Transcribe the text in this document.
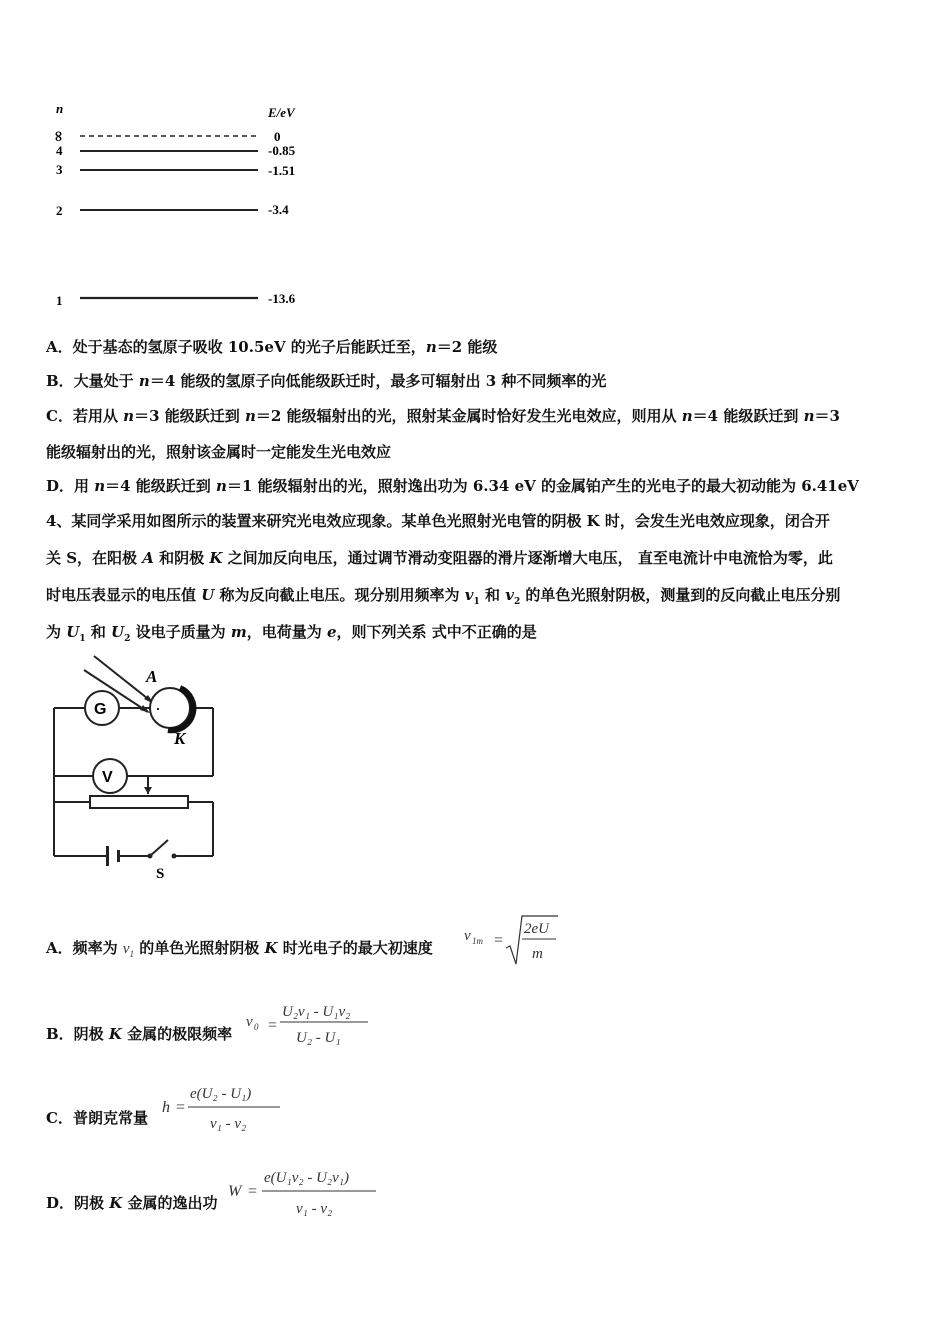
n	E/eV
∞	0
4	-0.85
3	-1.51
2	-3.4
1	-13.6
A．处于基态的氢原子吸收 10.5eV 的光子后能跃迁至，n＝2 能级
B．大量处于 n＝4 能级的氢原子向低能级跃迁时，最多可辐射出 3 种不同频率的光
C．若用从 n＝3 能级跃迁到 n＝2 能级辐射出的光，照射某金属时恰好发生光电效应，则用从 n＝4 能级跃迁到 n＝3
能级辐射出的光，照射该金属时一定能发生光电效应
D．用 n＝4 能级跃迁到 n＝1 能级辐射出的光，照射逸出功为 6.34 eV 的金属铂产生的光电子的最大初动能为 6.41eV
4、某同学采用如图所示的装置来研究光电效应现象。某单色光照射光电管的阴极 K 时，会发生光电效应现象，闭合开
关 S，在阳极 A 和阴极 K 之间加反向电压，通过调节滑动变阻器的滑片逐渐增大电压， 直至电流计中电流恰为零，此
时电压表显示的电压值 U 称为反向截止电压。现分别用频率为 $v_1$ 和 $v_2$ 的单色光照射阴极，测量到的反向截止电压分别
为 $U_1$ 和 $U_2$ 设电子质量为 m，电荷量为 e，则下列关系 式中不正确的是
G
A
K
V
S
A．频率为 $v_1$ 的单色光照射阴极 K 时光电子的最大初速度
v 1m =
2eU
m
B．阴极 K 金属的极限频率
v 0 =
U₂v₁ - U₁v₂
U₂ - U₁
C．普朗克常量
h =
e(U₂ - U₁)
v₁ - v₂
D．阴极 K 金属的逸出功
W =
e(U₁v₂ - U₂v₁)
v₁ - v₂
